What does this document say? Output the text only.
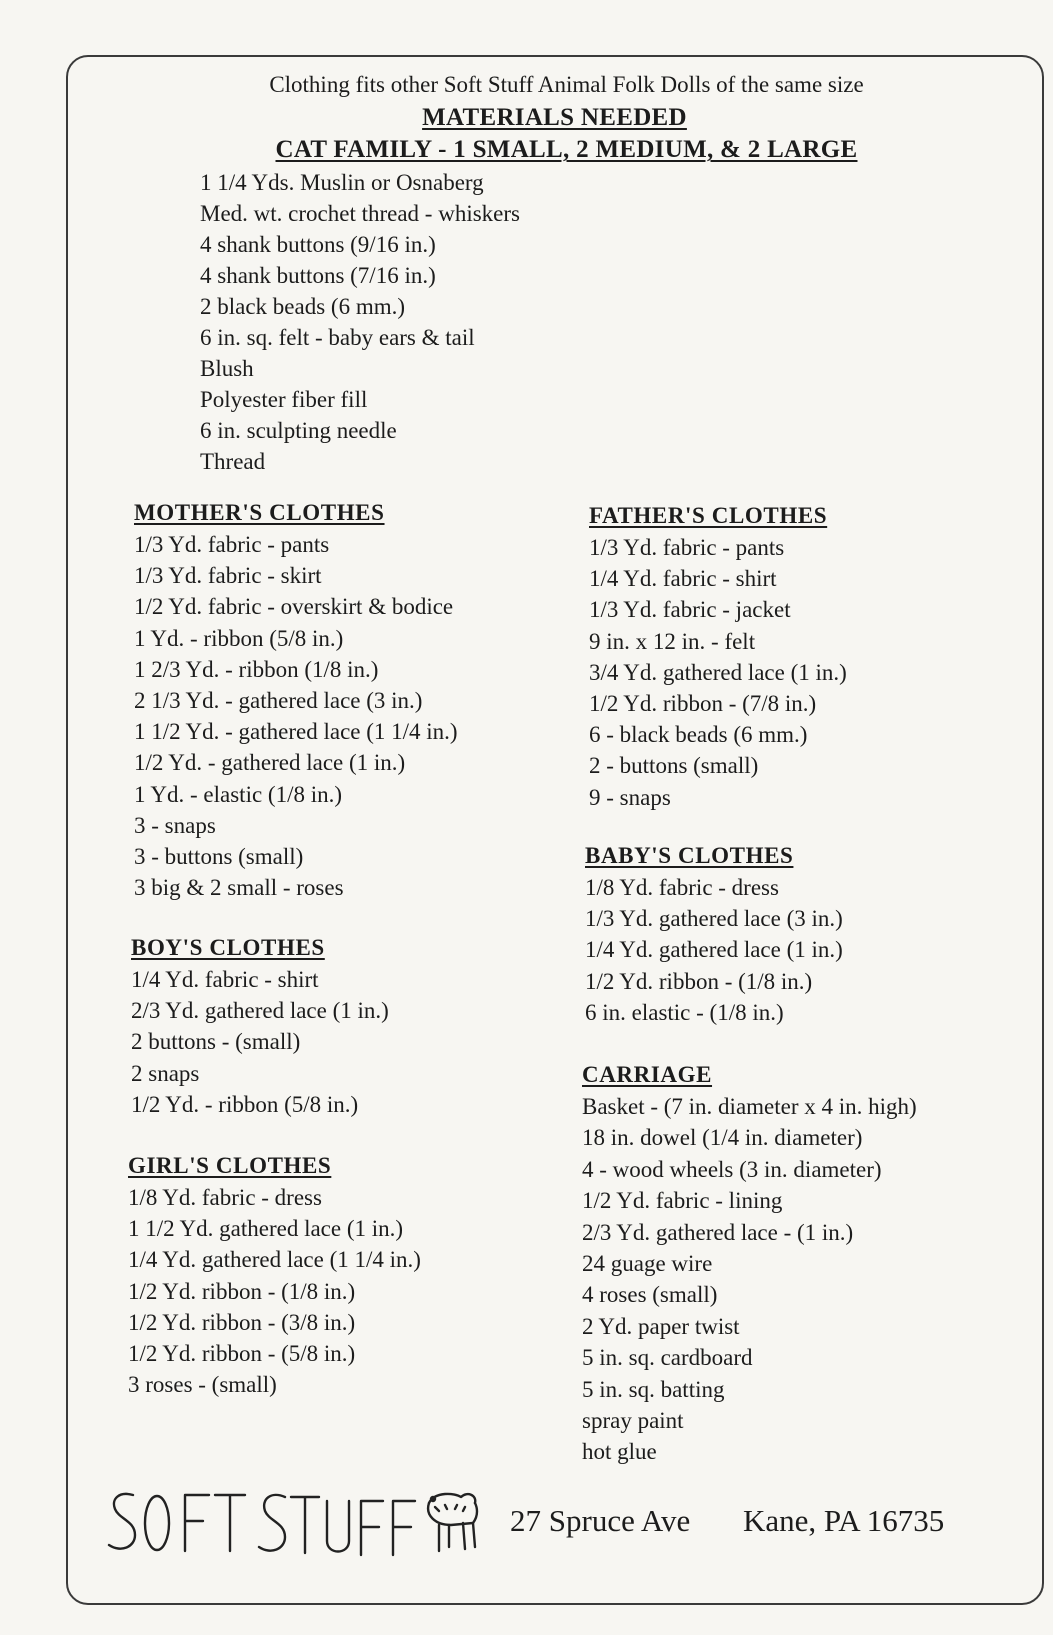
Clothing fits other Soft Stuff Animal Folk Dolls of the same size
MATERIALS NEEDED
CAT FAMILY - 1 SMALL, 2 MEDIUM, & 2 LARGE
1 1/4 Yds. Muslin or Osnaberg
Med. wt. crochet thread - whiskers
4 shank buttons (9/16 in.)
4 shank buttons (7/16 in.)
2 black beads (6 mm.)
6 in. sq. felt - baby ears & tail
Blush
Polyester fiber fill
6 in. sculpting needle
Thread
MOTHER'S CLOTHES
1/3 Yd. fabric - pants
1/3 Yd. fabric - skirt
1/2 Yd. fabric - overskirt & bodice
1 Yd. - ribbon (5/8 in.)
1 2/3 Yd. - ribbon (1/8 in.)
2 1/3 Yd. - gathered lace (3 in.)
1 1/2 Yd. - gathered lace (1 1/4 in.)
1/2 Yd. - gathered lace (1 in.)
1 Yd. - elastic (1/8 in.)
3 - snaps
3 - buttons (small)
3 big & 2 small - roses
BOY'S CLOTHES
1/4 Yd. fabric - shirt
2/3 Yd. gathered lace (1 in.)
2 buttons - (small)
2 snaps
1/2 Yd. - ribbon (5/8 in.)
GIRL'S CLOTHES
1/8 Yd. fabric - dress
1 1/2 Yd. gathered lace (1 in.)
1/4 Yd. gathered lace (1 1/4 in.)
1/2 Yd. ribbon - (1/8 in.)
1/2 Yd. ribbon - (3/8 in.)
1/2 Yd. ribbon - (5/8 in.)
3 roses - (small)
FATHER'S CLOTHES
1/3 Yd. fabric - pants
1/4 Yd. fabric - shirt
1/3 Yd. fabric - jacket
9 in. x 12 in. - felt
3/4 Yd. gathered lace (1 in.)
1/2 Yd. ribbon - (7/8 in.)
6 - black beads (6 mm.)
2 - buttons (small)
9 - snaps
BABY'S CLOTHES
1/8 Yd. fabric - dress
1/3 Yd. gathered lace (3 in.)
1/4 Yd. gathered lace (1 in.)
1/2 Yd. ribbon - (1/8 in.)
6 in. elastic - (1/8 in.)
CARRIAGE
Basket - (7 in. diameter x 4 in. high)
18 in. dowel (1/4 in. diameter)
4 - wood wheels (3 in. diameter)
1/2 Yd. fabric - lining
2/3 Yd. gathered lace - (1 in.)
24 guage wire
4 roses (small)
2 Yd. paper twist
5 in. sq. cardboard
5 in. sq. batting
spray paint
hot glue
27 Spruce Ave Kane, PA 16735
